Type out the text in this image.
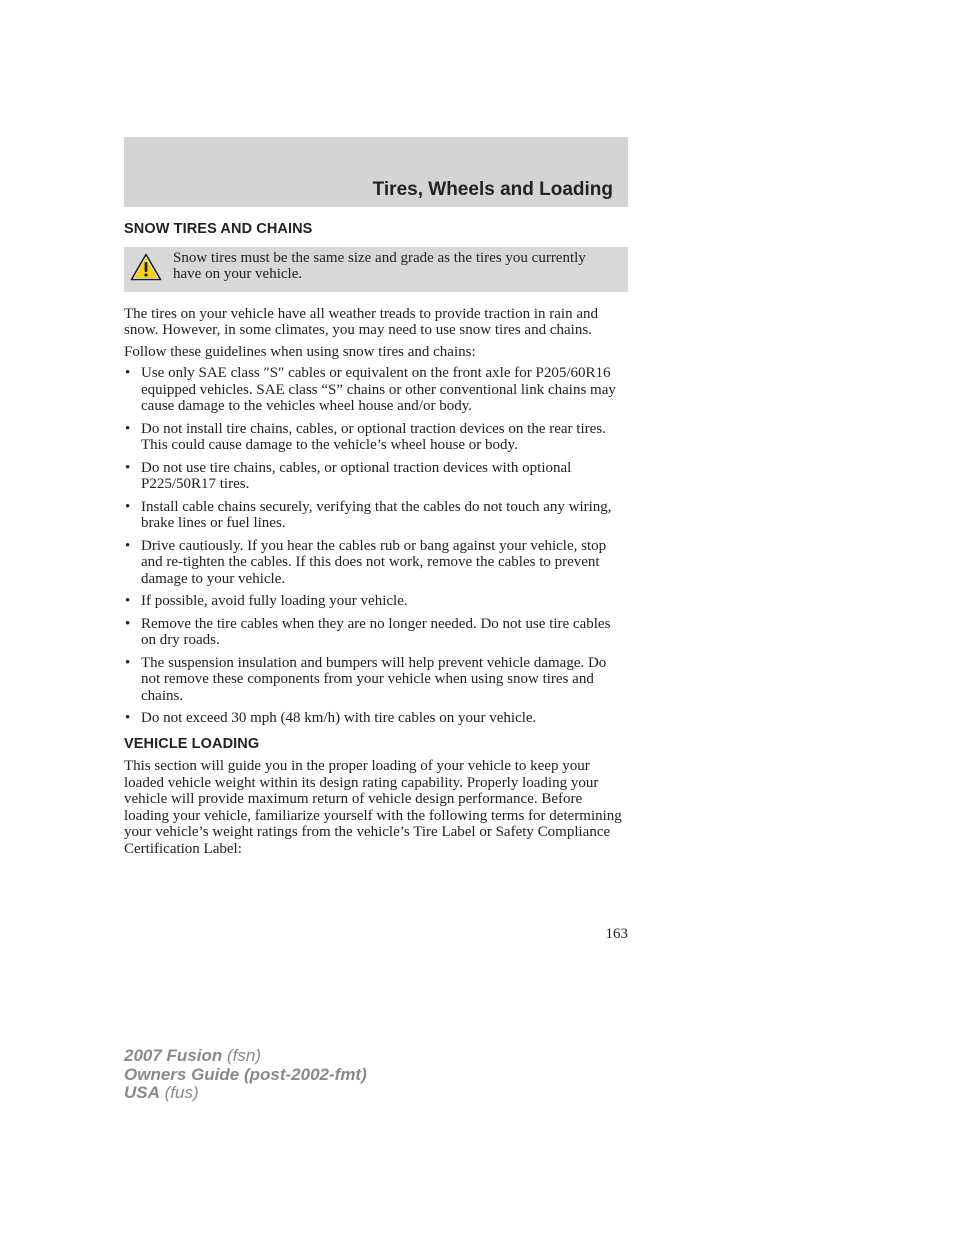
Tires, Wheels and Loading
SNOW TIRES AND CHAINS

Snow tires must be the same size and grade as the tires you currently have on your vehicle.

The tires on your vehicle have all weather treads to provide traction in rain and snow. However, in some climates, you may need to use snow tires and chains.

Follow these guidelines when using snow tires and chains:

• Use only SAE class ″S″ cables or equivalent on the front axle for P205/60R16 equipped vehicles. SAE class “S” chains or other conventional link chains may cause damage to the vehicles wheel house and/or body.
• Do not install tire chains, cables, or optional traction devices on the rear tires. This could cause damage to the vehicle’s wheel house or body.
• Do not use tire chains, cables, or optional traction devices with optional P225/50R17 tires.
• Install cable chains securely, verifying that the cables do not touch any wiring, brake lines or fuel lines.
• Drive cautiously. If you hear the cables rub or bang against your vehicle, stop and re-tighten the cables. If this does not work, remove the cables to prevent damage to your vehicle.
• If possible, avoid fully loading your vehicle.
• Remove the tire cables when they are no longer needed. Do not use tire cables on dry roads.
• The suspension insulation and bumpers will help prevent vehicle damage. Do not remove these components from your vehicle when using snow tires and chains.
• Do not exceed 30 mph (48 km/h) with tire cables on your vehicle.
VEHICLE LOADING

This section will guide you in the proper loading of your vehicle to keep your loaded vehicle weight within its design rating capability. Properly loading your vehicle will provide maximum return of vehicle design performance. Before loading your vehicle, familiarize yourself with the following terms for determining your vehicle’s weight ratings from the vehicle’s Tire Label or Safety Compliance Certification Label:

163
2007 Fusion (fsn)
Owners Guide (post-2002-fmt)
USA (fus)
